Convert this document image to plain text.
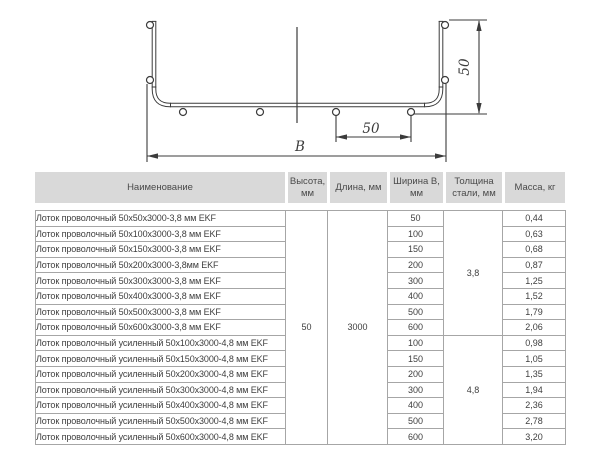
50
50
B
Наименование
Высота, мм
Длина, мм
Ширина B, мм
Толщина стали, мм
Масса, кг
Лоток проволочный 50x50x3000-3,8 мм EKF	50	3000	50	3,8	0,44
Лоток проволочный 50x100x3000-3,8 мм EKF			100		0,63
Лоток проволочный 50x150x3000-3,8 мм EKF			150		0,68
Лоток проволочный 50x200x3000-3,8мм EKF			200		0,87
Лоток проволочный 50x300x3000-3,8 мм EKF			300		1,25
Лоток проволочный 50x400x3000-3,8 мм EKF			400		1,52
Лоток проволочный 50x500x3000-3,8 мм EKF			500		1,79
Лоток проволочный 50x600x3000-3,8 мм EKF			600		2,06
Лоток проволочный усиленный 50x100x3000-4,8 мм EKF			100	4,8	0,98
Лоток проволочный усиленный 50x150x3000-4,8 мм EKF			150		1,05
Лоток проволочный усиленный 50x200x3000-4,8 мм EKF			200		1,35
Лоток проволочный усиленный 50x300x3000-4,8 мм EKF			300		1,94
Лоток проволочный усиленный 50x400x3000-4,8 мм EKF			400		2,36
Лоток проволочный усиленный 50x500x3000-4,8 мм EKF			500		2,78
Лоток проволочный усиленный 50x600x3000-4,8 мм EKF			600		3,20
